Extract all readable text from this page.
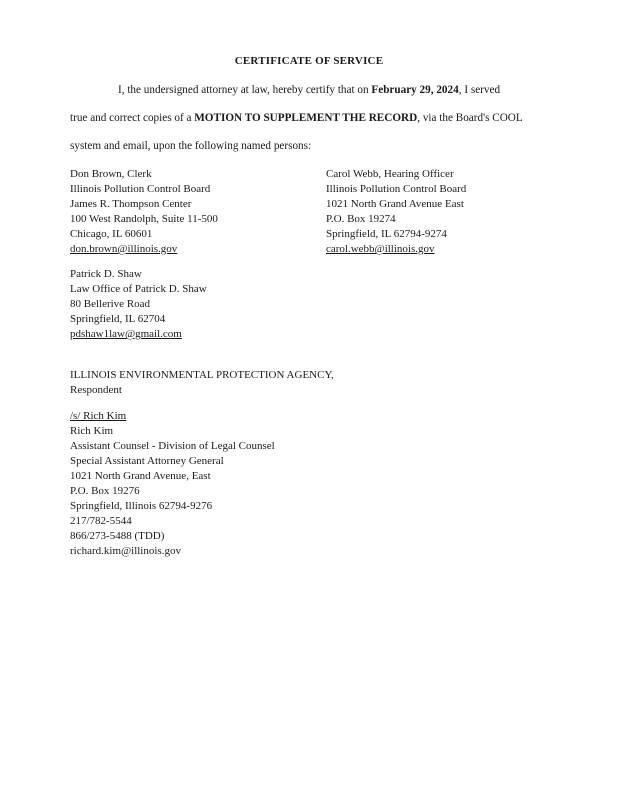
CERTIFICATE OF SERVICE
I, the undersigned attorney at law, hereby certify that on February 29, 2024, I served
true and correct copies of a MOTION TO SUPPLEMENT THE RECORD, via the Board's COOL
system and email, upon the following named persons:
Don Brown, Clerk
Illinois Pollution Control Board
James R. Thompson Center
100 West Randolph, Suite 11-500
Chicago, IL 60601
don.brown@illinois.gov
Carol Webb, Hearing Officer
Illinois Pollution Control Board
1021 North Grand Avenue East
P.O. Box 19274
Springfield, IL 62794-9274
carol.webb@illinois.gov
Patrick D. Shaw
Law Office of Patrick D. Shaw
80 Bellerive Road
Springfield, IL 62704
pdshaw1law@gmail.com
ILLINOIS ENVIRONMENTAL PROTECTION AGENCY,
Respondent
/s/ Rich Kim
Rich Kim
Assistant Counsel - Division of Legal Counsel
Special Assistant Attorney General
1021 North Grand Avenue, East
P.O. Box 19276
Springfield, Illinois 62794-9276
217/782-5544
866/273-5488 (TDD)
richard.kim@illinois.gov
